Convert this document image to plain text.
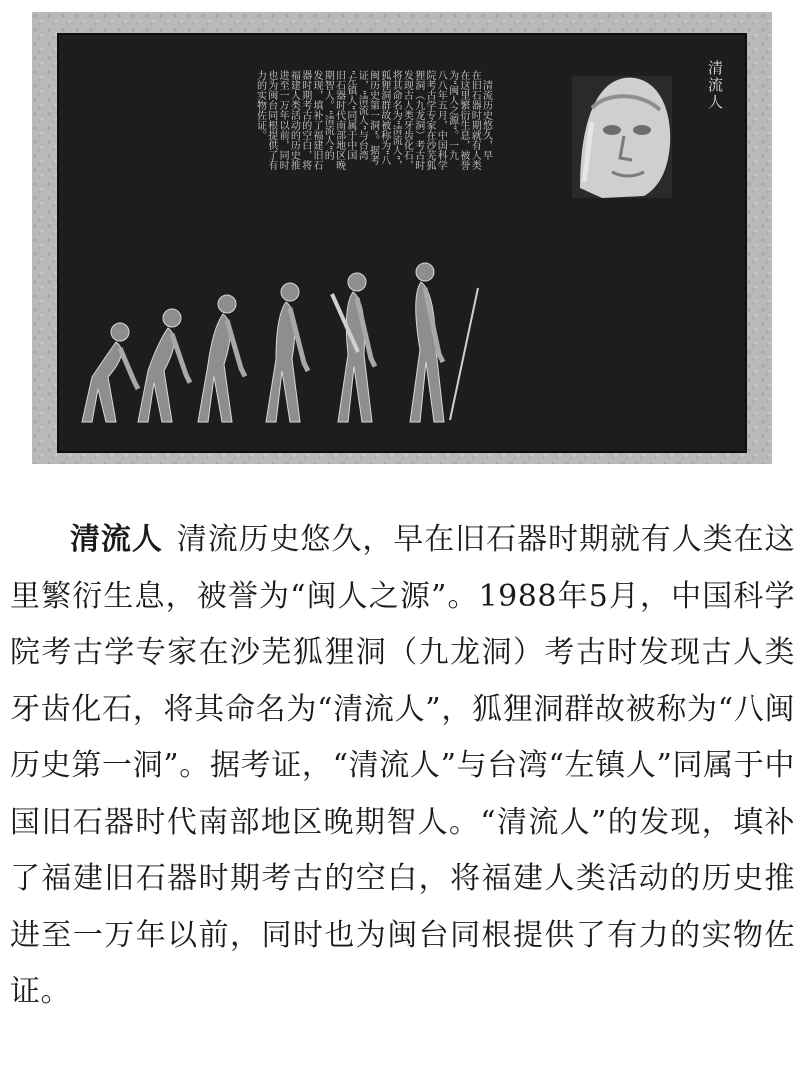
清流历史悠久，早
在旧石器时期就有人类
在这里繁衍生息，被誉
为“闽人之源”。一九
八八年五月，中国科学
院考古学专家在沙芜狐
狸洞（九龙洞）考古时
发现古人类牙齿化石，
将其命名为“清流人”，
狐狸洞群故被称为“八
闽历史第一洞”。据考
证，“清流人”与台湾
“左镇人”同属于中国
旧石器时代南部地区晚
期智人。“清流人”的
发现，填补了福建旧石
器时期考古的空白，将
福建人类活动的历史推
进至一万年以前，同时
也为闽台同根提供了有
力的实物佐证。	清流人

清流人 清流历史悠久，早在旧石器时期就有人类在这里繁衍生息，被誉为“闽人之源”。1988年5月，中国科学院考古学专家在沙芜狐狸洞（九龙洞）考古时发现古人类牙齿化石，将其命名为“清流人”，狐狸洞群故被称为“八闽历史第一洞”。据考证，“清流人”与台湾“左镇人”同属于中国旧石器时代南部地区晚期智人。“清流人”的发现，填补了福建旧石器时期考古的空白，将福建人类活动的历史推进至一万年以前，同时也为闽台同根提供了有力的实物佐证。
